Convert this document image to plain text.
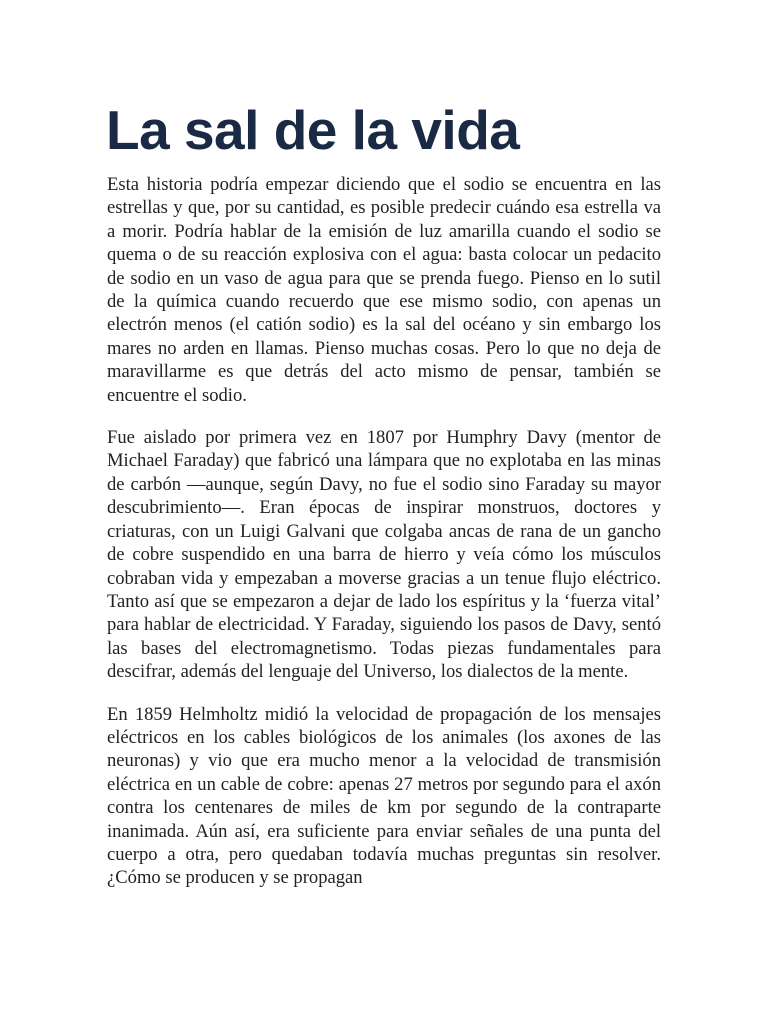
La sal de la vida

Esta historia podría empezar diciendo que el sodio se encuentra en las estrellas y que, por su cantidad, es posible predecir cuándo esa estrella va a morir. Podría hablar de la emisión de luz amarilla cuando el sodio se quema o de su reacción explosiva con el agua: basta colocar un pedacito de sodio en un vaso de agua para que se prenda fuego. Pienso en lo sutil de la química cuando recuerdo que ese mismo sodio, con apenas un electrón menos (el catión sodio) es la sal del océano y sin embargo los mares no arden en llamas. Pienso muchas cosas. Pero lo que no deja de maravillarme es que detrás del acto mismo de pensar, también se encuentre el sodio.

Fue aislado por primera vez en 1807 por Humphry Davy (mentor de Michael Faraday) que fabricó una lámpara que no explotaba en las minas de carbón —aunque, según Davy, no fue el sodio sino Faraday su mayor descubrimiento—. Eran épocas de inspirar monstruos, doctores y criaturas, con un Luigi Galvani que colgaba ancas de rana de un gancho de cobre suspendido en una barra de hierro y veía cómo los músculos cobraban vida y empezaban a moverse gracias a un tenue flujo eléctrico. Tanto así que se empezaron a dejar de lado los espíritus y la ‘fuerza vital’ para hablar de electricidad. Y Faraday, siguiendo los pasos de Davy, sentó las bases del electromagnetismo. Todas piezas fundamentales para descifrar, además del lenguaje del Universo, los dialectos de la mente.

En 1859 Helmholtz midió la velocidad de propagación de los mensajes eléctricos en los cables biológicos de los animales (los axones de las neuronas) y vio que era mucho menor a la velocidad de transmisión eléctrica en un cable de cobre: apenas 27 metros por segundo para el axón contra los centenares de miles de km por segundo de la contraparte inanimada. Aún así, era suficiente para enviar señales de una punta del cuerpo a otra, pero quedaban todavía muchas preguntas sin resolver. ¿Cómo se producen y se propagan
